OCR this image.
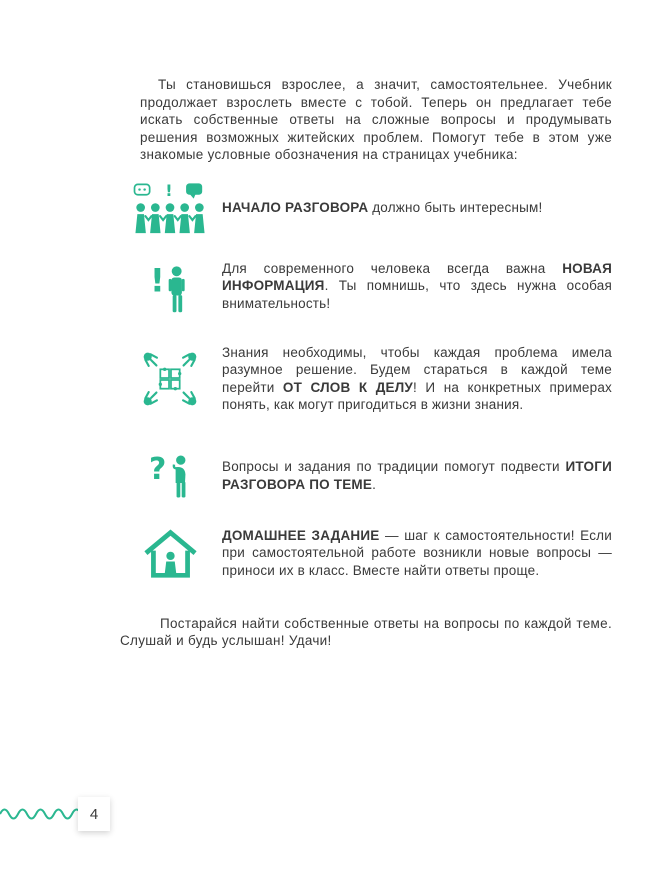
Ты становишься взрослее, а значит, самостоятельнее. Учебник продолжает взрослеть вместе с тобой. Теперь он предлагает тебе искать собственные ответы на сложные вопросы и продумывать решения возможных житейских проблем. Помогут тебе в этом уже знакомые условные обозначения на страницах учебника:

!

НАЧАЛО РАЗГОВОРА должно быть интересным!

!	Для современного человека всегда важна НОВАЯ ИНФОРМАЦИЯ. Ты помнишь, что здесь нужна особая внимательность!

Знания необходимы, чтобы каждая проблема имела разумное решение. Будем стараться в каждой теме перейти ОТ СЛОВ К ДЕЛУ! И на конкретных примерах понять, как могут пригодиться в жизни знания.

?	Вопросы и задания по традиции помогут подвести ИТОГИ РАЗГОВОРА ПО ТЕМЕ.

ДОМАШНЕЕ ЗАДАНИЕ — шаг к самостоятельности! Если при самостоятельной работе возникли новые вопросы — приноси их в класс. Вместе найти ответы проще.

Постарайся найти собственные ответы на вопросы по каждой теме. Слушай и будь услышан! Удачи!

4
